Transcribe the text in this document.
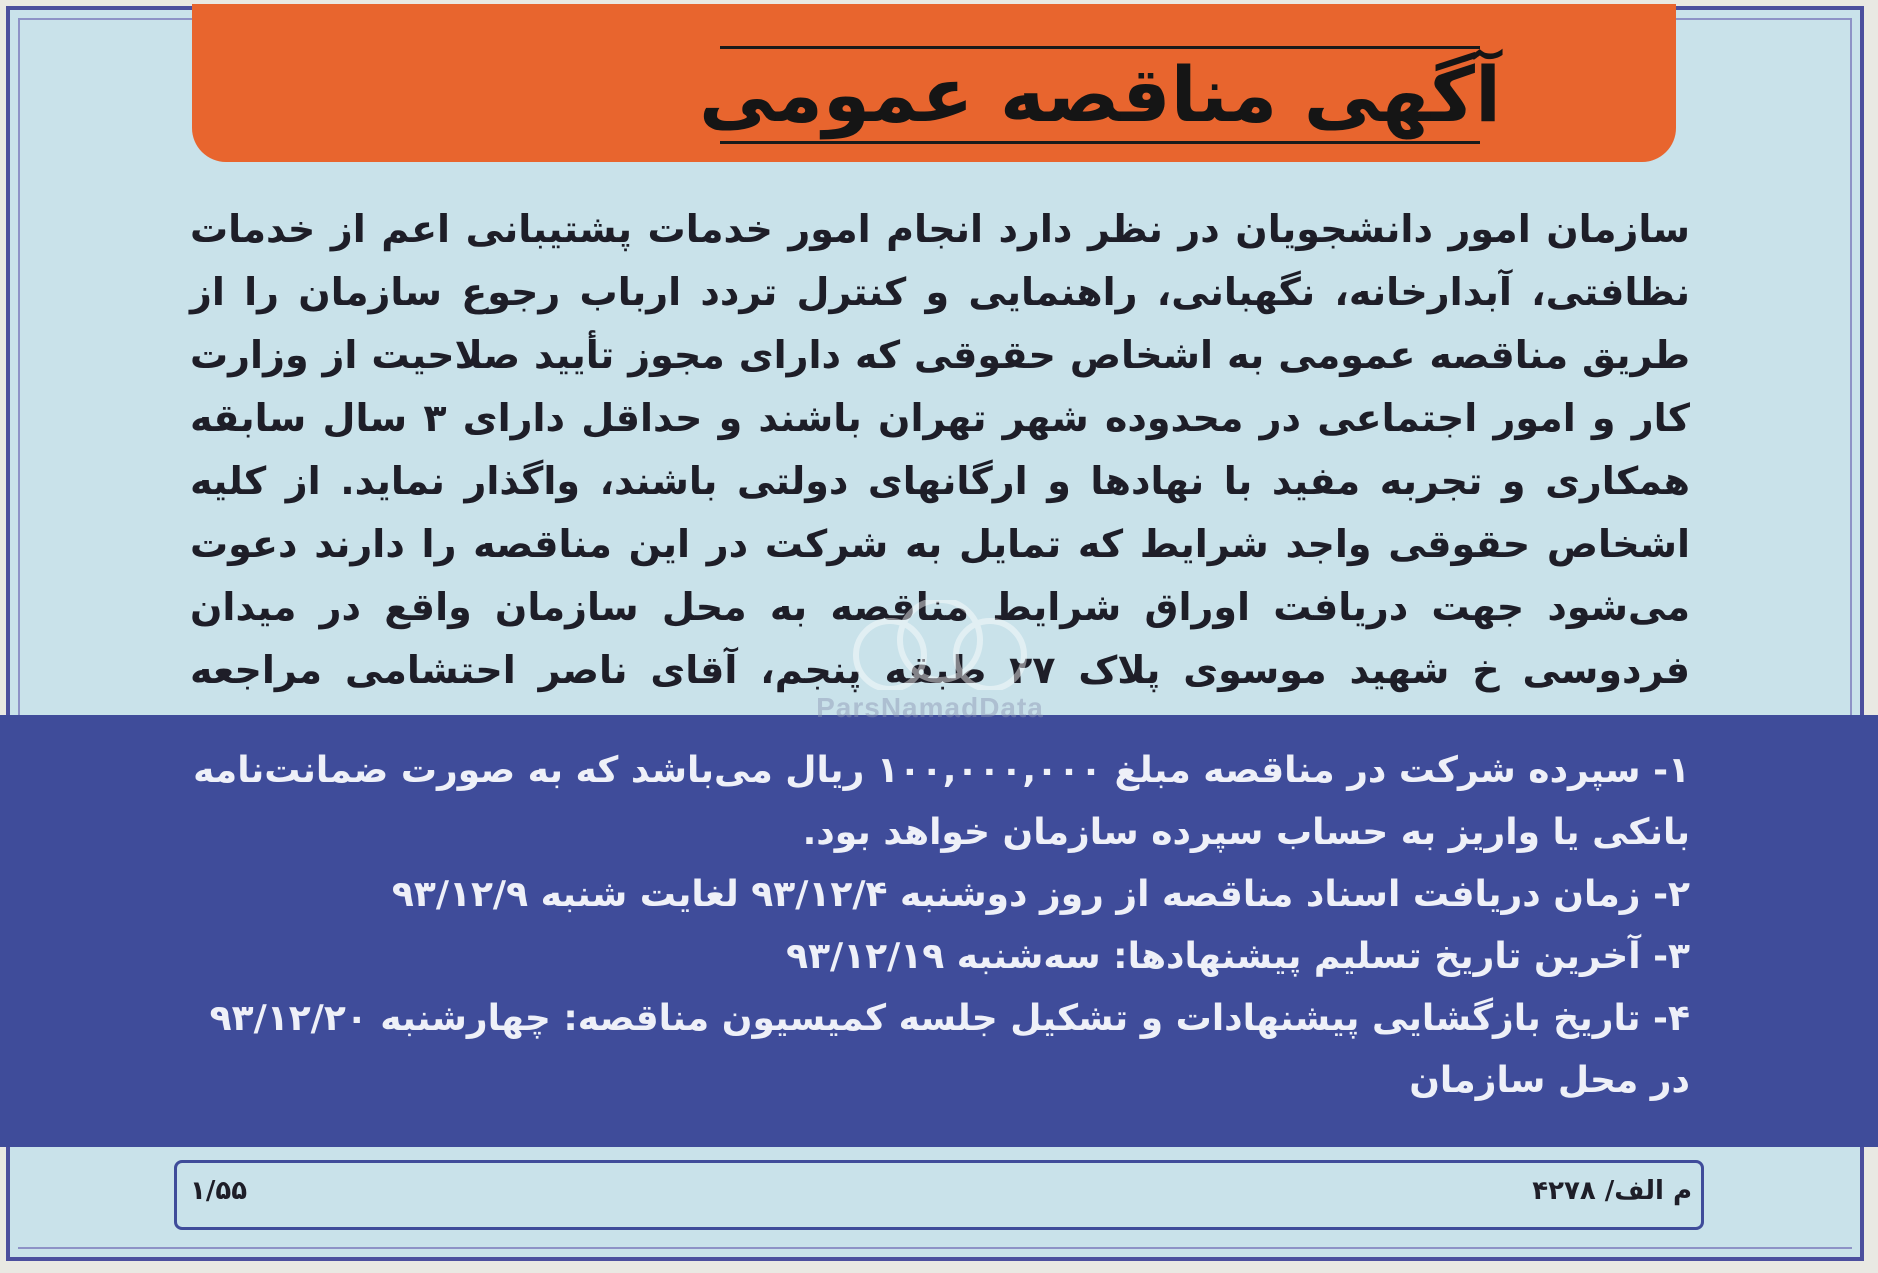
آگهی مناقصه عمومی

سازمان امور دانشجویان در نظر دارد انجام امور خدمات پشتیبانی اعم از خدمات نظافتی، آبدارخانه، نگهبانی، راهنمایی و کنترل تردد ارباب رجوع سازمان را از طریق مناقصه عمومی به اشخاص حقوقی که دارای مجوز تأیید صلاحیت از وزارت کار و امور اجتماعی در محدوده شهر تهران باشند و حداقل دارای ۳ سال سابقه همکاری و تجربه مفید با نهادها و ارگانهای دولتی باشند، واگذار نماید. از کلیه اشخاص حقوقی واجد شرایط که تمایل به شرکت در این مناقصه را دارند دعوت می‌شود جهت دریافت اوراق شرایط مناقصه به محل سازمان واقع در میدان فردوسی خ شهید موسوی پلاک ۲۷ طبقه پنجم، آقای ناصر احتشامی مراجعه

۱- سپرده شرکت در مناقصه مبلغ ۱۰۰,۰۰۰,۰۰۰ ریال می‌باشد که به صورت ضمانت‌نامه بانکی یا واریز به حساب سپرده سازمان خواهد بود.
۲- زمان دریافت اسناد مناقصه از روز دوشنبه ۹۳/۱۲/۴ لغایت شنبه ۹۳/۱۲/۹
۳- آخرین تاریخ تسلیم پیشنهادها: سه‌شنبه ۹۳/۱۲/۱۹
۴- تاریخ بازگشایی پیشنهادات و تشکیل جلسه کمیسیون مناقصه: چهارشنبه ۹۳/۱۲/۲۰ در محل سازمان
م الف/ ۴۲۷۸
۱/۵۵
ParsNamadData
